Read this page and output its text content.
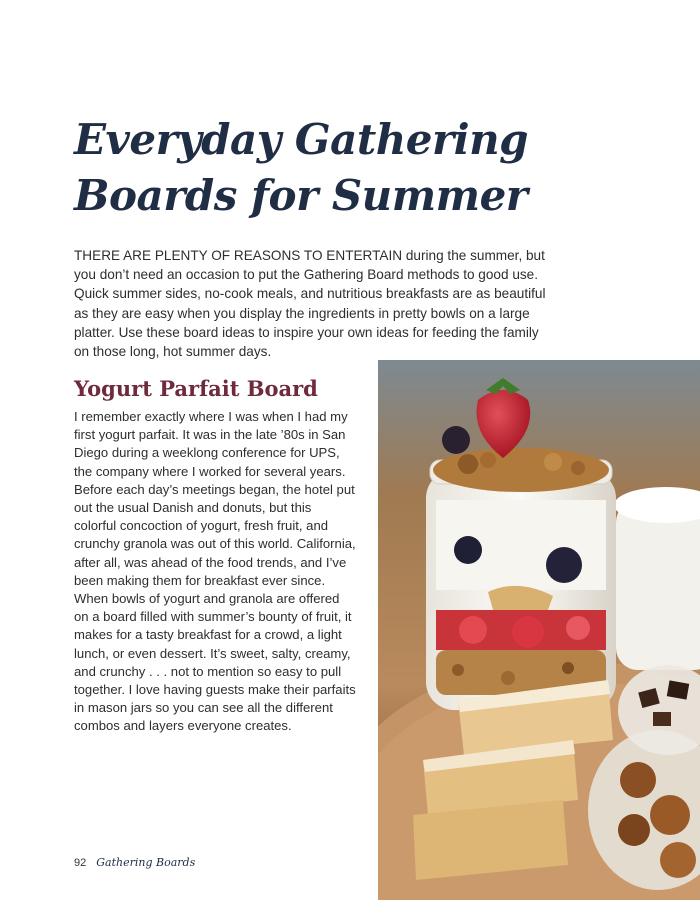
Everyday Gathering Boards for Summer

THERE ARE PLENTY OF REASONS TO ENTERTAIN during the summer, but you don’t need an occasion to put the Gathering Board methods to good use. Quick summer sides, no-cook meals, and nutritious breakfasts are as beautiful as they are easy when you display the ingredients in pretty bowls on a large platter. Use these board ideas to inspire your own ideas for feeding the family on those long, hot summer days.

Yogurt Parfait Board

I remember exactly where I was when I had my first yogurt parfait. It was in the late ’80s in San Diego during a weeklong conference for UPS, the company where I worked for several years. Before each day’s meetings began, the hotel put out the usual Danish and donuts, but this colorful concoction of yogurt, fresh fruit, and crunchy granola was out of this world. California, after all, was ahead of the food trends, and I’ve been making them for breakfast ever since. When bowls of yogurt and granola are offered on a board filled with summer’s bounty of fruit, it makes for a tasty breakfast for a crowd, a light lunch, or even dessert. It’s sweet, salty, creamy, and crunchy . . . not to mention so easy to pull together. I love having guests make their parfaits in mason jars so you can see all the different combos and layers everyone creates.

92 Gathering Boards
